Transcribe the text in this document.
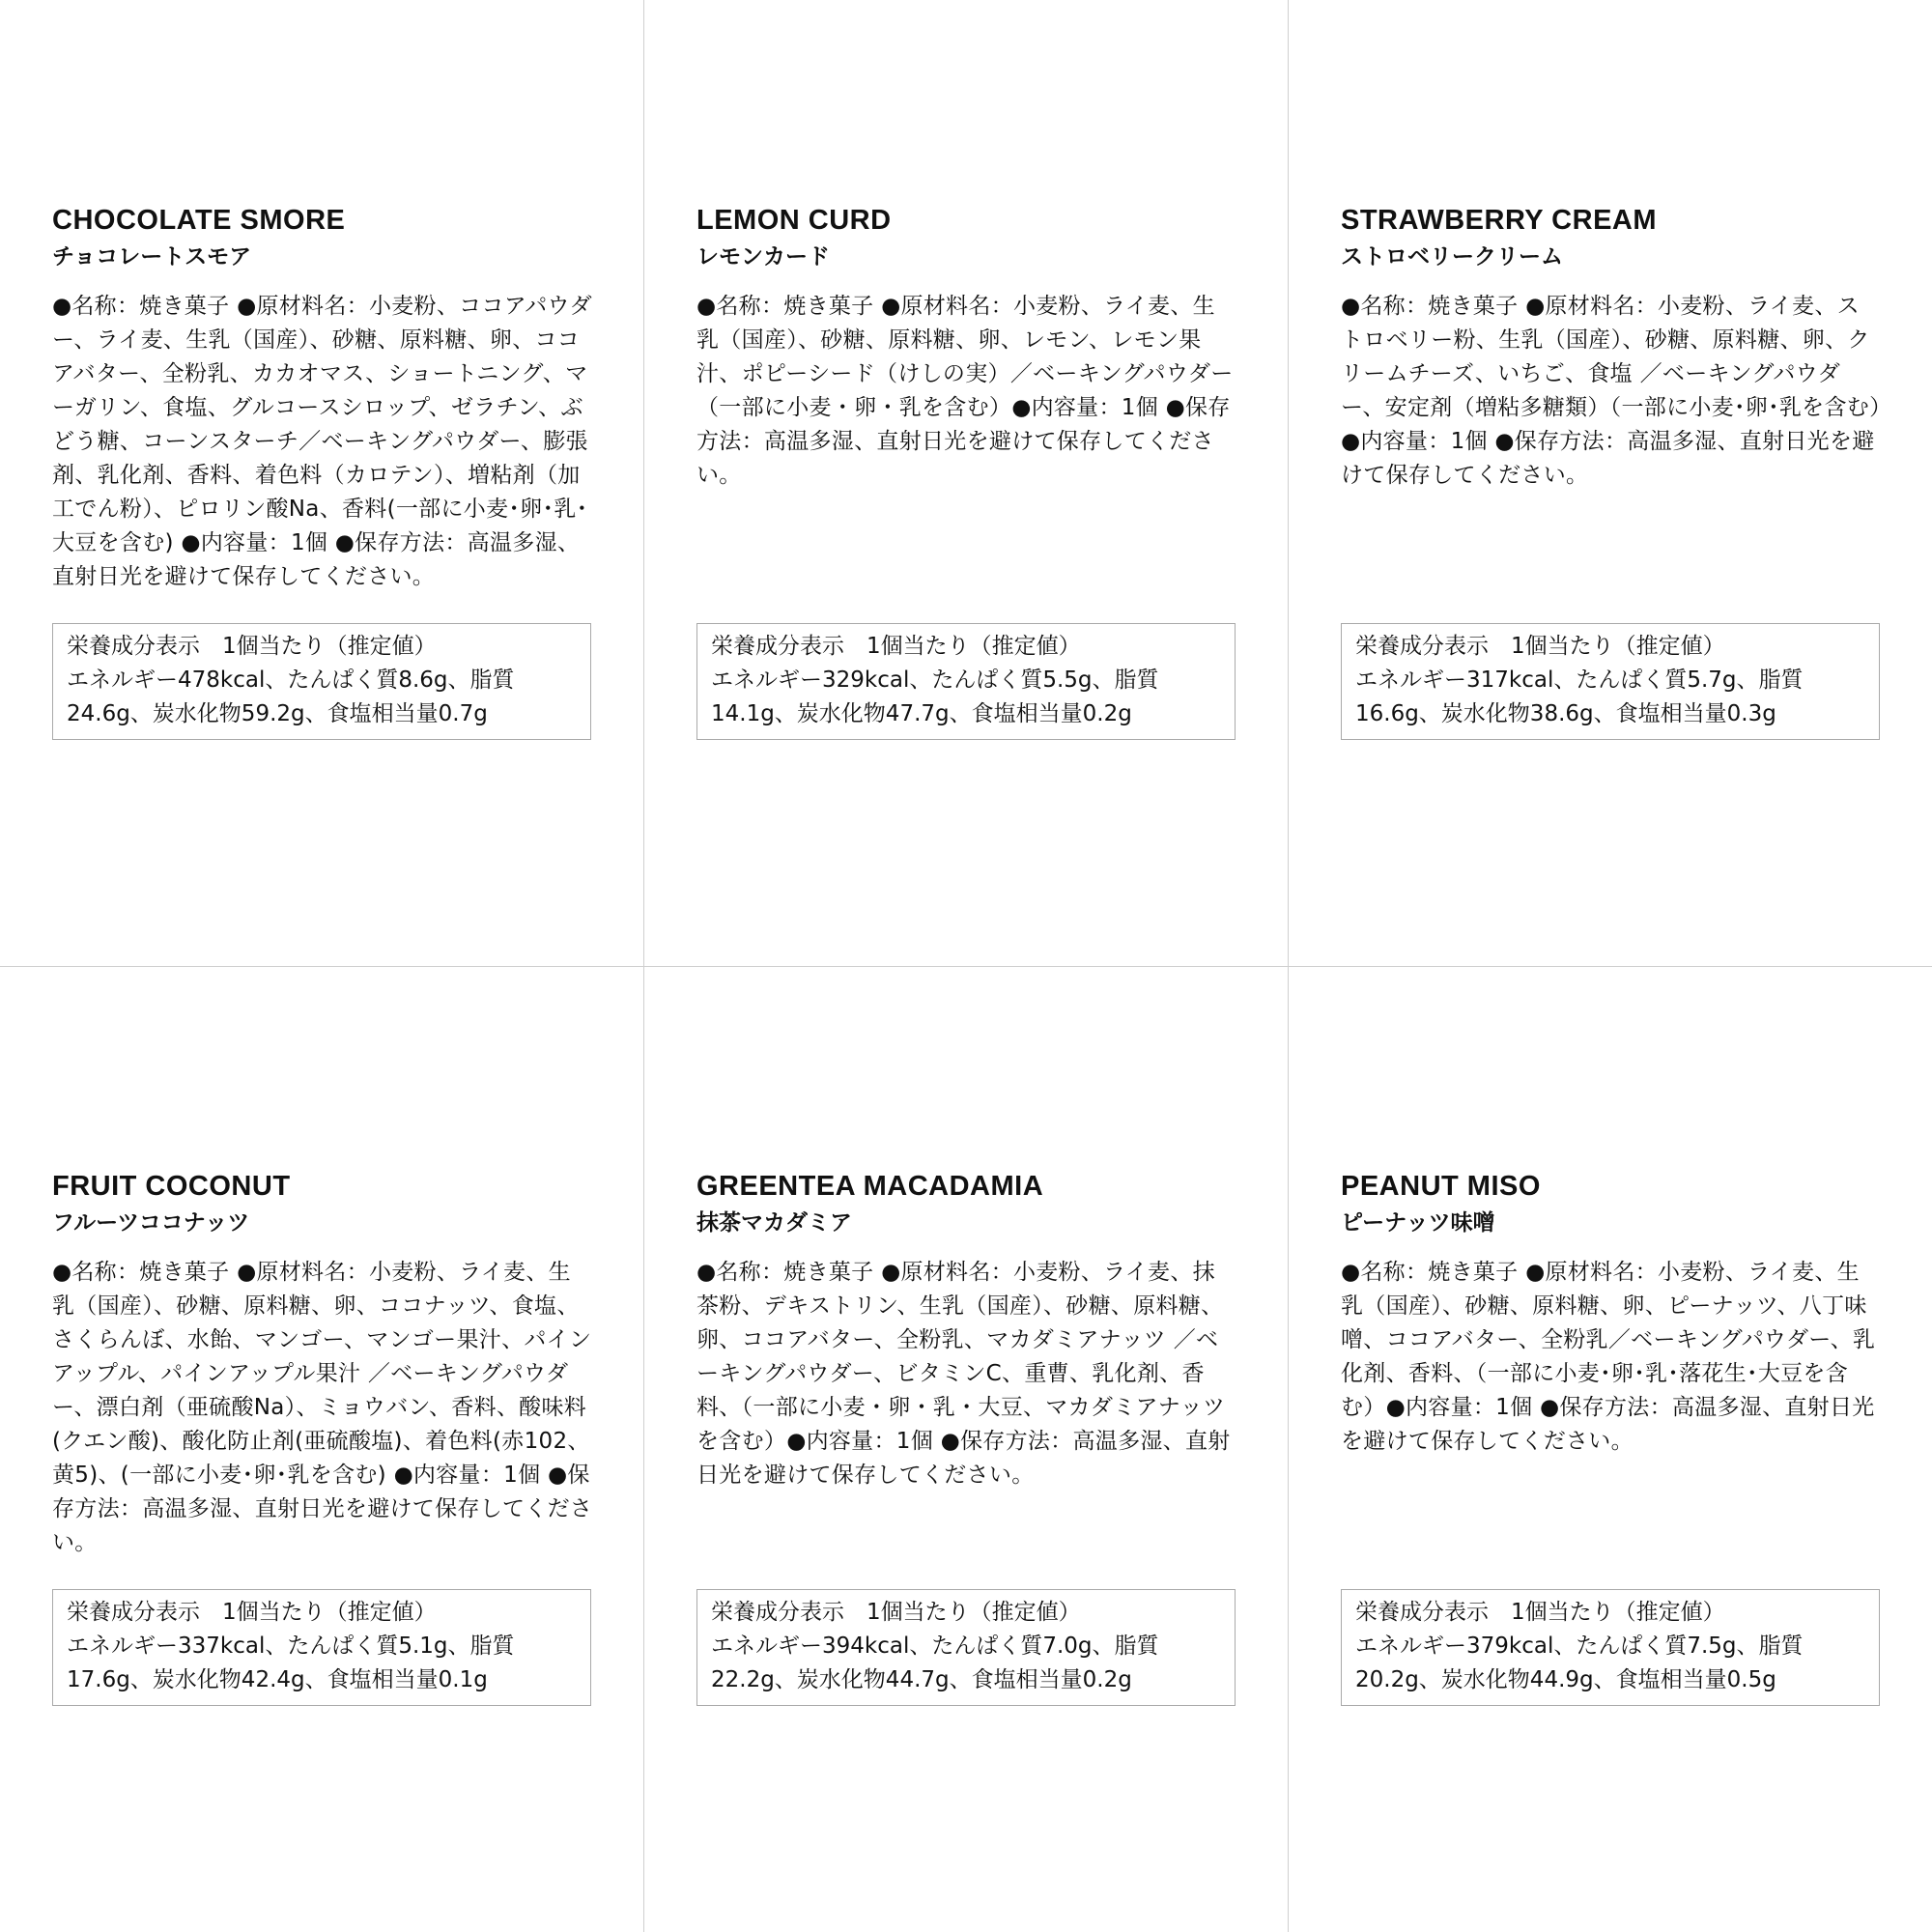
CHOCOLATE SMORE
チョコレートスモア
●名称：焼き菓子 ●原材料名：小麦粉、ココアパウダー、ライ麦、生乳（国産）、砂糖、原料糖、卵、ココアバター、全粉乳、カカオマス、ショートニング、マーガリン、食塩、グルコースシロップ、ゼラチン、ぶどう糖、コーンスターチ／ベーキングパウダー、膨張剤、乳化剤、香料、着色料（カロテン）、増粘剤（加工でん粉）、ピロリン酸Na、香料(一部に小麦･卵･乳･大豆を含む) ●内容量：1個 ●保存方法：高温多湿、直射日光を避けて保存してください。
栄養成分表示　1個当たり（推定値）
エネルギー478kcal、たんぱく質8.6g、脂質24.6g、炭水化物59.2g、食塩相当量0.7g
LEMON CURD
レモンカード
●名称：焼き菓子 ●原材料名：小麦粉、ライ麦、生乳（国産）、砂糖、原料糖、卵、レモン、レモン果汁、ポピーシード（けしの実）／ベーキングパウダー（一部に小麦・卵・乳を含む）●内容量：1個 ●保存方法：高温多湿、直射日光を避けて保存してください。
栄養成分表示　1個当たり（推定値）
エネルギー329kcal、たんぱく質5.5g、脂質14.1g、炭水化物47.7g、食塩相当量0.2g
STRAWBERRY CREAM
ストロベリークリーム
●名称：焼き菓子 ●原材料名：小麦粉、ライ麦、ストロベリー粉、生乳（国産）、砂糖、原料糖、卵、クリームチーズ、いちご、食塩 ／ベーキングパウダー、安定剤（増粘多糖類）（一部に小麦･卵･乳を含む）●内容量：1個 ●保存方法：高温多湿、直射日光を避けて保存してください。
栄養成分表示　1個当たり（推定値）
エネルギー317kcal、たんぱく質5.7g、脂質16.6g、炭水化物38.6g、食塩相当量0.3g
FRUIT COCONUT
フルーツココナッツ
●名称：焼き菓子 ●原材料名：小麦粉、ライ麦、生乳（国産）、砂糖、原料糖、卵、ココナッツ、食塩、さくらんぼ、水飴、マンゴー、マンゴー果汁、パインアップル、パインアップル果汁 ／ベーキングパウダー、漂白剤（亜硫酸Na）、ミョウバン、香料、酸味料(クエン酸)、酸化防止剤(亜硫酸塩)、着色料(赤102、黄5)、(一部に小麦･卵･乳を含む) ●内容量：1個 ●保存方法：高温多湿、直射日光を避けて保存してください。
栄養成分表示　1個当たり（推定値）
エネルギー337kcal、たんぱく質5.1g、脂質17.6g、炭水化物42.4g、食塩相当量0.1g
GREENTEA MACADAMIA
抹茶マカダミア
●名称：焼き菓子 ●原材料名：小麦粉、ライ麦、抹茶粉、デキストリン、生乳（国産）、砂糖、原料糖、卵、ココアバター、全粉乳、マカダミアナッツ ／ベーキングパウダー、ビタミンC、重曹、乳化剤、香料、（一部に小麦・卵・乳・大豆、マカダミアナッツを含む）●内容量：1個 ●保存方法：高温多湿、直射日光を避けて保存してください。
栄養成分表示　1個当たり（推定値）
エネルギー394kcal、たんぱく質7.0g、脂質22.2g、炭水化物44.7g、食塩相当量0.2g
PEANUT MISO
ピーナッツ味噌
●名称：焼き菓子 ●原材料名：小麦粉、ライ麦、生乳（国産）、砂糖、原料糖、卵、ピーナッツ、八丁味噌、ココアバター、全粉乳／ベーキングパウダー、乳化剤、香料、（一部に小麦･卵･乳･落花生･大豆を含む）●内容量：1個 ●保存方法：高温多湿、直射日光を避けて保存してください。
栄養成分表示　1個当たり（推定値）
エネルギー379kcal、たんぱく質7.5g、脂質20.2g、炭水化物44.9g、食塩相当量0.5g
